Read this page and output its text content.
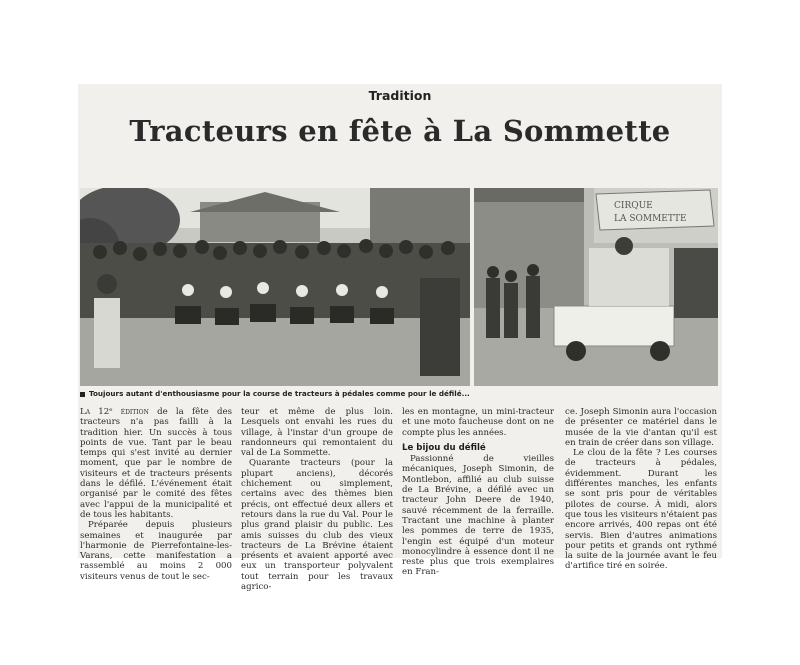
Tradition
Tracteurs en fête à La Sommette
CIRQUE
LA SOMMETTE
Toujours autant d'enthousiasme pour la course de tracteurs à pédales comme pour le défilé...

La 12ᵉ édition de la fête des tracteurs n'a pas failli à la tradition hier. Un succès à tous points de vue. Tant par le beau temps qui s'est invité au dernier moment, que par le nombre de visiteurs et de tracteurs présents dans le défilé. L'événement était organisé par le comité des fêtes avec l'appui de la municipalité et de tous les habitants.

Préparée depuis plusieurs semaines et inaugurée par l'harmonie de Pierrefontaine-les-Varans, cette manifestation a rassemblé au moins 2 000 visiteurs venus de tout le sec-

teur et même de plus loin. Lesquels ont envahi les rues du village, à l'instar d'un groupe de randonneurs qui remontaient du val de La Sommette.

Quarante tracteurs (pour la plupart anciens), décorés chichement ou simplement, certains avec des thèmes bien précis, ont effectué deux allers et retours dans la rue du Val. Pour le plus grand plaisir du public. Les amis suisses du club des vieux tracteurs de La Brévine étaient présents et avaient apporté avec eux un transporteur polyvalent tout terrain pour les travaux agrico-

les en montagne, un mini-tracteur et une moto faucheuse dont on ne compte plus les années.

Le bijou du défilé

Passionné de vieilles mécaniques, Joseph Simonin, de Montlebon, affilié au club suisse de La Brévine, a défilé avec un tracteur John Deere de 1940, sauvé récemment de la ferraille. Tractant une machine à planter les pommes de terre de 1935, l'engin est équipé d'un moteur monocylindre à essence dont il ne reste plus que trois exemplaires en Fran-

ce. Joseph Simonin aura l'occasion de présenter ce matériel dans le musée de la vie d'antan qu'il est en train de créer dans son village.

Le clou de la fête ? Les courses de tracteurs à pédales, évidemment. Durant les différentes manches, les enfants se sont pris pour de véritables pilotes de course. À midi, alors que tous les visiteurs n'étaient pas encore arrivés, 400 repas ont été servis. Bien d'autres animations pour petits et grands ont rythmé la suite de la journée avant le feu d'artifice tiré en soirée.
